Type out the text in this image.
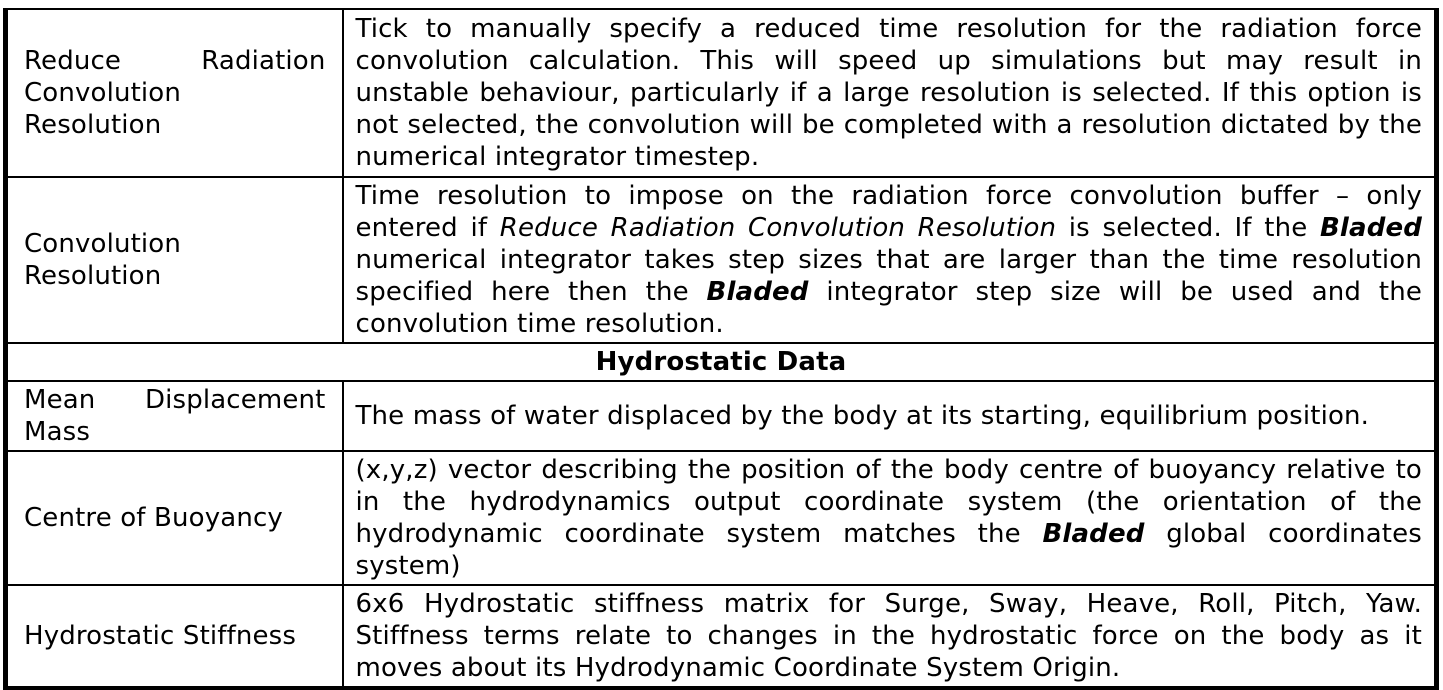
Reduce Radiation Convolution Resolution	Tick to manually specify a reduced time resolution for the radiation force convolution calculation. This will speed up simulations but may result in unstable behaviour, particularly if a large resolution is selected. If this option is not selected, the convolution will be completed with a resolution dictated by the numerical integrator timestep.
Convolution Resolution	Time resolution to impose on the radiation force convolution buffer – only entered if Reduce Radiation Convolution Resolution is selected. If the Bladed numerical integrator takes step sizes that are larger than the time resolution specified here then the Bladed integrator step size will be used and the convolution time resolution.
Hydrostatic Data	
Mean Displacement Mass	The mass of water displaced by the body at its starting, equilibrium position.
Centre of Buoyancy	(x,y,z) vector describing the position of the body centre of buoyancy relative to in the hydrodynamics output coordinate system (the orientation of the hydrodynamic coordinate system matches the Bladed global coordinates system)
Hydrostatic Stiffness	6x6 Hydrostatic stiffness matrix for Surge, Sway, Heave, Roll, Pitch, Yaw. Stiffness terms relate to changes in the hydrostatic force on the body as it moves about its Hydrodynamic Coordinate System Origin.
